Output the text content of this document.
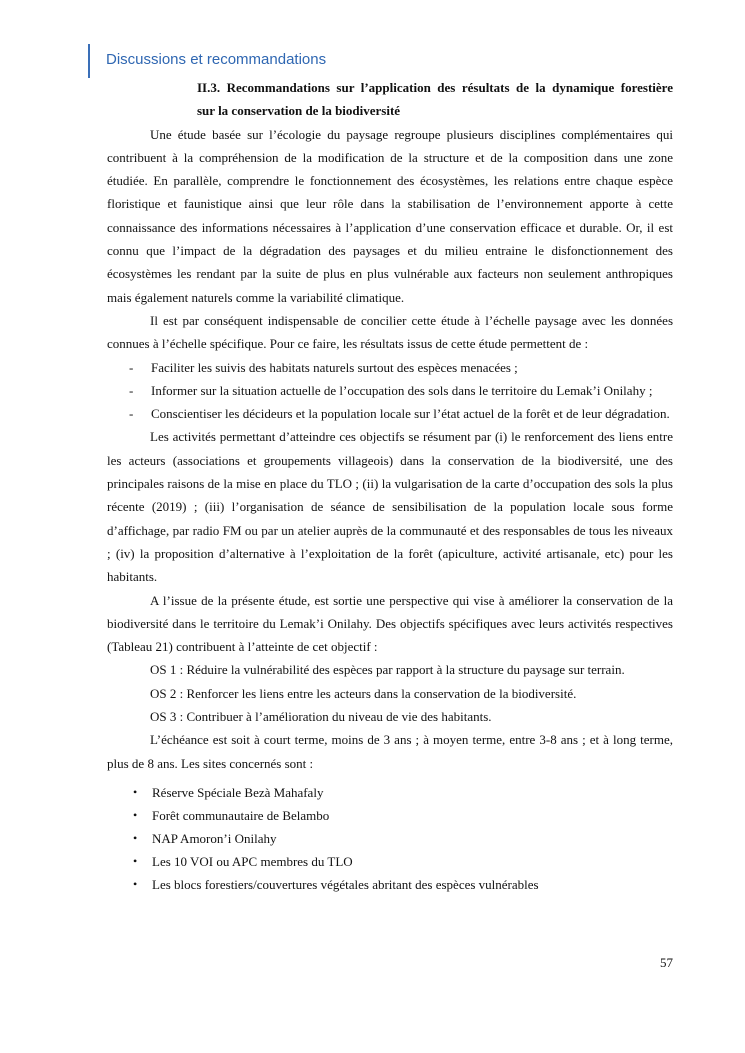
Discussions et recommandations
II.3. Recommandations sur l’application des résultats de la dynamique forestière
sur la conservation de la biodiversité

Une étude basée sur l’écologie du paysage regroupe plusieurs disciplines complémentaires qui contribuent à la compréhension de la modification de la structure et de la composition dans une zone étudiée. En parallèle, comprendre le fonctionnement des écosystèmes, les relations entre chaque espèce floristique et faunistique ainsi que leur rôle dans la stabilisation de l’environnement apporte à cette connaissance des informations nécessaires à l’application d’une conservation efficace et durable. Or, il est connu que l’impact de la dégradation des paysages et du milieu entraine le disfonctionnement des écosystèmes les rendant par la suite de plus en plus vulnérable aux facteurs non seulement anthropiques mais également naturels comme la variabilité climatique.

Il est par conséquent indispensable de concilier cette étude à l’échelle paysage avec les données connues à l’échelle spécifique. Pour ce faire, les résultats issus de cette étude permettent de :

- Faciliter les suivis des habitats naturels surtout des espèces menacées ;
- Informer sur la situation actuelle de l’occupation des sols dans le territoire du Lemak’i Onilahy ;
- Conscientiser les décideurs et la population locale sur l’état actuel de la forêt et de leur dégradation.

Les activités permettant d’atteindre ces objectifs se résument par (i) le renforcement des liens entre les acteurs (associations et groupements villageois) dans la conservation de la biodiversité, une des principales raisons de la mise en place du TLO ; (ii) la vulgarisation de la carte d’occupation des sols la plus récente (2019) ; (iii) l’organisation de séance de sensibilisation de la population locale sous forme d’affichage, par radio FM ou par un atelier auprès de la communauté et des responsables de tous les niveaux ; (iv) la proposition d’alternative à l’exploitation de la forêt (apiculture, activité artisanale, etc) pour les habitants.

A l’issue de la présente étude, est sortie une perspective qui vise à améliorer la conservation de la biodiversité dans le territoire du Lemak’i Onilahy. Des objectifs spécifiques avec leurs activités respectives (Tableau 21) contribuent à l’atteinte de cet objectif :

OS 1 : Réduire la vulnérabilité des espèces par rapport à la structure du paysage sur terrain.
OS 2 : Renforcer les liens entre les acteurs dans la conservation de la biodiversité.
OS 3 : Contribuer à l’amélioration du niveau de vie des habitants.

L’échéance est soit à court terme, moins de 3 ans ; à moyen terme, entre 3-8 ans ; et à long terme, plus de 8 ans. Les sites concernés sont :

• Réserve Spéciale Bezà Mahafaly
• Forêt communautaire de Belambo
• NAP Amoron’i Onilahy
• Les 10 VOI ou APC membres du TLO
• Les blocs forestiers/couvertures végétales abritant des espèces vulnérables
57
